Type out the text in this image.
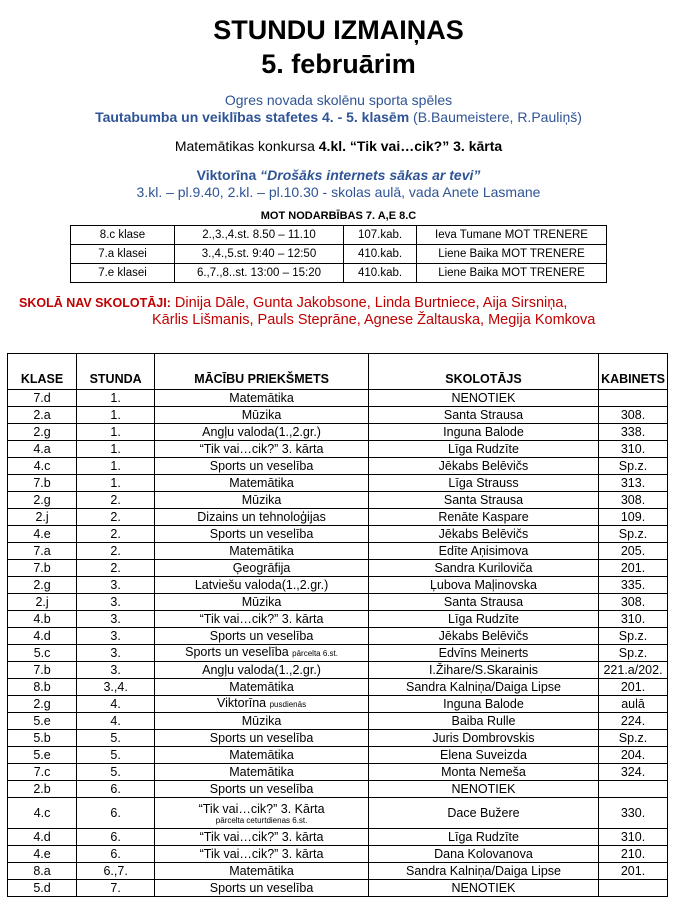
STUNDU IZMAIŅAS
5. februārim
Ogres novada skolēnu sporta spēles
Tautabumba un veiklības stafetes 4. - 5. klasēm (B.Baumeistere, R.Pauliņš)
Matemātikas konkursa 4.kl. “Tik vai…cik?” 3. kārta
Viktorīna “Drošāks internets sākas ar tevi”
3.kl. – pl.9.40, 2.kl. – pl.10.30 - skolas aulā, vada Anete Lasmane
MOT NODARBĪBAS 7. A,E 8.C
8.c klase	2.,3.,4.st. 8.50 – 11.10	107.kab.	Ieva Tumane MOT TRENERE
7.a klasei	3.,4.,5.st. 9:40 – 12:50	410.kab.	Liene Baika MOT TRENERE
7.e klasei	6.,7.,8..st. 13:00 – 15:20	410.kab.	Liene Baika MOT TRENERE
SKOLĀ NAV SKOLOTĀJI: Dinija Dāle, Gunta Jakobsone, Linda Burtniece, Aija Sirsniņa,
Kārlis Lišmanis, Pauls Steprāne, Agnese Žaltauska, Megija Komkova
KLASE	STUNDA	MĀCĪBU PRIEKŠMETS	SKOLOTĀJS	KABINETS
7.d	1.	Matemātika	NENOTIEK	
2.a	1.	Mūzika	Santa Strausa	308.
2.g	1.	Angļu valoda(1.,2.gr.)	Inguna Balode	338.
4.a	1.	“Tik vai…cik?” 3. kārta	Līga Rudzīte	310.
4.c	1.	Sports un veselība	Jēkabs Belēvičs	Sp.z.
7.b	1.	Matemātika	Līga Strauss	313.
2.g	2.	Mūzika	Santa Strausa	308.
2.j	2.	Dizains un tehnoloģijas	Renāte Kaspare	109.
4.e	2.	Sports un veselība	Jēkabs Belēvičs	Sp.z.
7.a	2.	Matemātika	Edīte Aņisimova	205.
7.b	2.	Ģeogrāfija	Sandra Kuriloviča	201.
2.g	3.	Latviešu valoda(1.,2.gr.)	Ļubova Maļinovska	335.
2.j	3.	Mūzika	Santa Strausa	308.
4.b	3.	“Tik vai…cik?” 3. kārta	Līga Rudzīte	310.
4.d	3.	Sports un veselība	Jēkabs Belēvičs	Sp.z.
5.c	3.	Sports un veselība pārcelta 6.st.	Edvīns Meinerts	Sp.z.
7.b	3.	Angļu valoda(1.,2.gr.)	I.Žihare/S.Skarainis	221.a/202.
8.b	3.,4.	Matemātika	Sandra Kalniņa/Daiga Lipse	201.
2.g	4.	Viktorīna pusdienās	Inguna Balode	aulā
5.e	4.	Mūzika	Baiba Rulle	224.
5.b	5.	Sports un veselība	Juris Dombrovskis	Sp.z.
5.e	5.	Matemātika	Elena Suveizda	204.
7.c	5.	Matemātika	Monta Nemeša	324.
2.b	6.	Sports un veselība	NENOTIEK	
4.c	6.	“Tik vai…cik?” 3. Kārta
pārcelta ceturtdienas 6.st.	Dace Bužere	330.
4.d	6.	“Tik vai…cik?” 3. kārta	Līga Rudzīte	310.
4.e	6.	“Tik vai…cik?” 3. kārta	Dana Kolovanova	210.
8.a	6.,7.	Matemātika	Sandra Kalniņa/Daiga Lipse	201.
5.d	7.	Sports un veselība	NENOTIEK	
